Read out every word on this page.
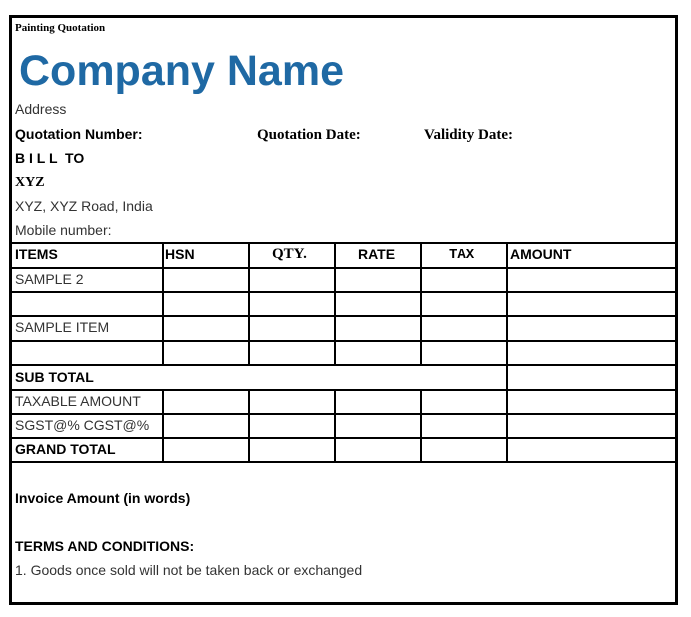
Painting Quotation
Company Name
Address
Quotation Number:	Quotation Date:	Validity Date:
B I L L  TO
XYZ
XYZ, XYZ Road, India
Mobile number:
ITEMS	HSN	QTY.	RATE	TAX	AMOUNT
SAMPLE 2
SAMPLE ITEM
SUB TOTAL
TAXABLE AMOUNT
SGST@% CGST@%
GRAND TOTAL
Invoice Amount (in words)
TERMS AND CONDITIONS:
1. Goods once sold will not be taken back or exchanged
